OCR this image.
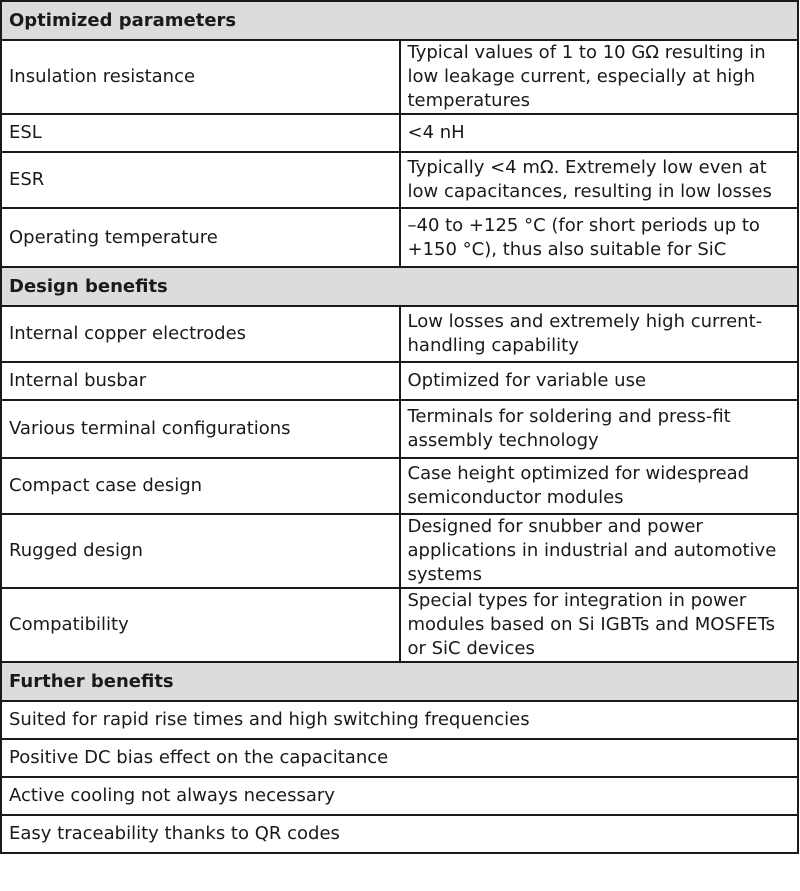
Optimized parameters	
Insulation resistance	Typical values of 1 to 10 GΩ resulting in low leakage current, especially at high temperatures
ESL	<4 nH
ESR	Typically <4 mΩ. Extremely low even at low capacitances, resulting in low losses
Operating temperature	–40 to +125 °C (for short periods up to +150 °C), thus also suitable for SiC
Design benefits	
Internal copper electrodes	Low losses and extremely high current-handling capability
Internal busbar	Optimized for variable use
Various terminal configurations	Terminals for soldering and press-fit assembly technology
Compact case design	Case height optimized for widespread semiconductor modules
Rugged design	Designed for snubber and power applications in industrial and automotive systems
Compatibility	Special types for integration in power modules based on Si IGBTs and MOSFETs or SiC devices
Further benefits	
Suited for rapid rise times and high switching frequencies	
Positive DC bias effect on the capacitance	
Active cooling not always necessary	
Easy traceability thanks to QR codes	
